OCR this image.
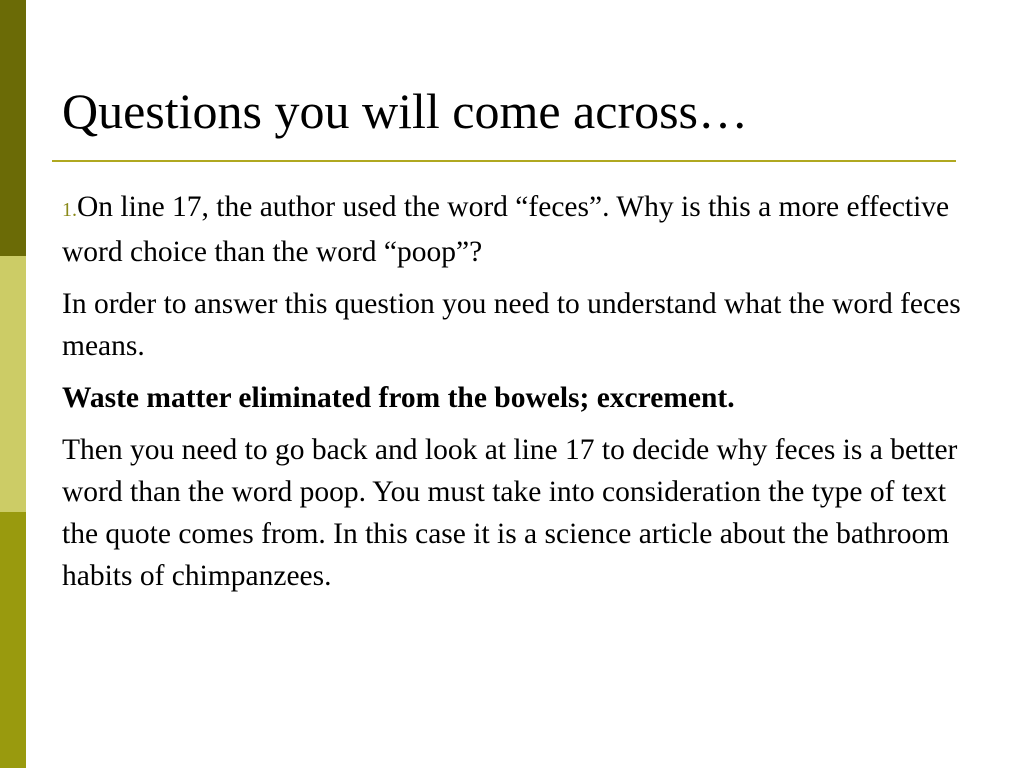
Questions you will come across…

1.On line 17, the author used the word “feces”. Why is this a more effective word choice than the word “poop”?

In order to answer this question you need to understand what the word feces means.

Waste matter eliminated from the bowels; excrement.

Then you need to go back and look at line 17 to decide why feces is a better word than the word poop. You must take into consideration the type of text the quote comes from. In this case it is a science article about the bathroom habits of chimpanzees.
